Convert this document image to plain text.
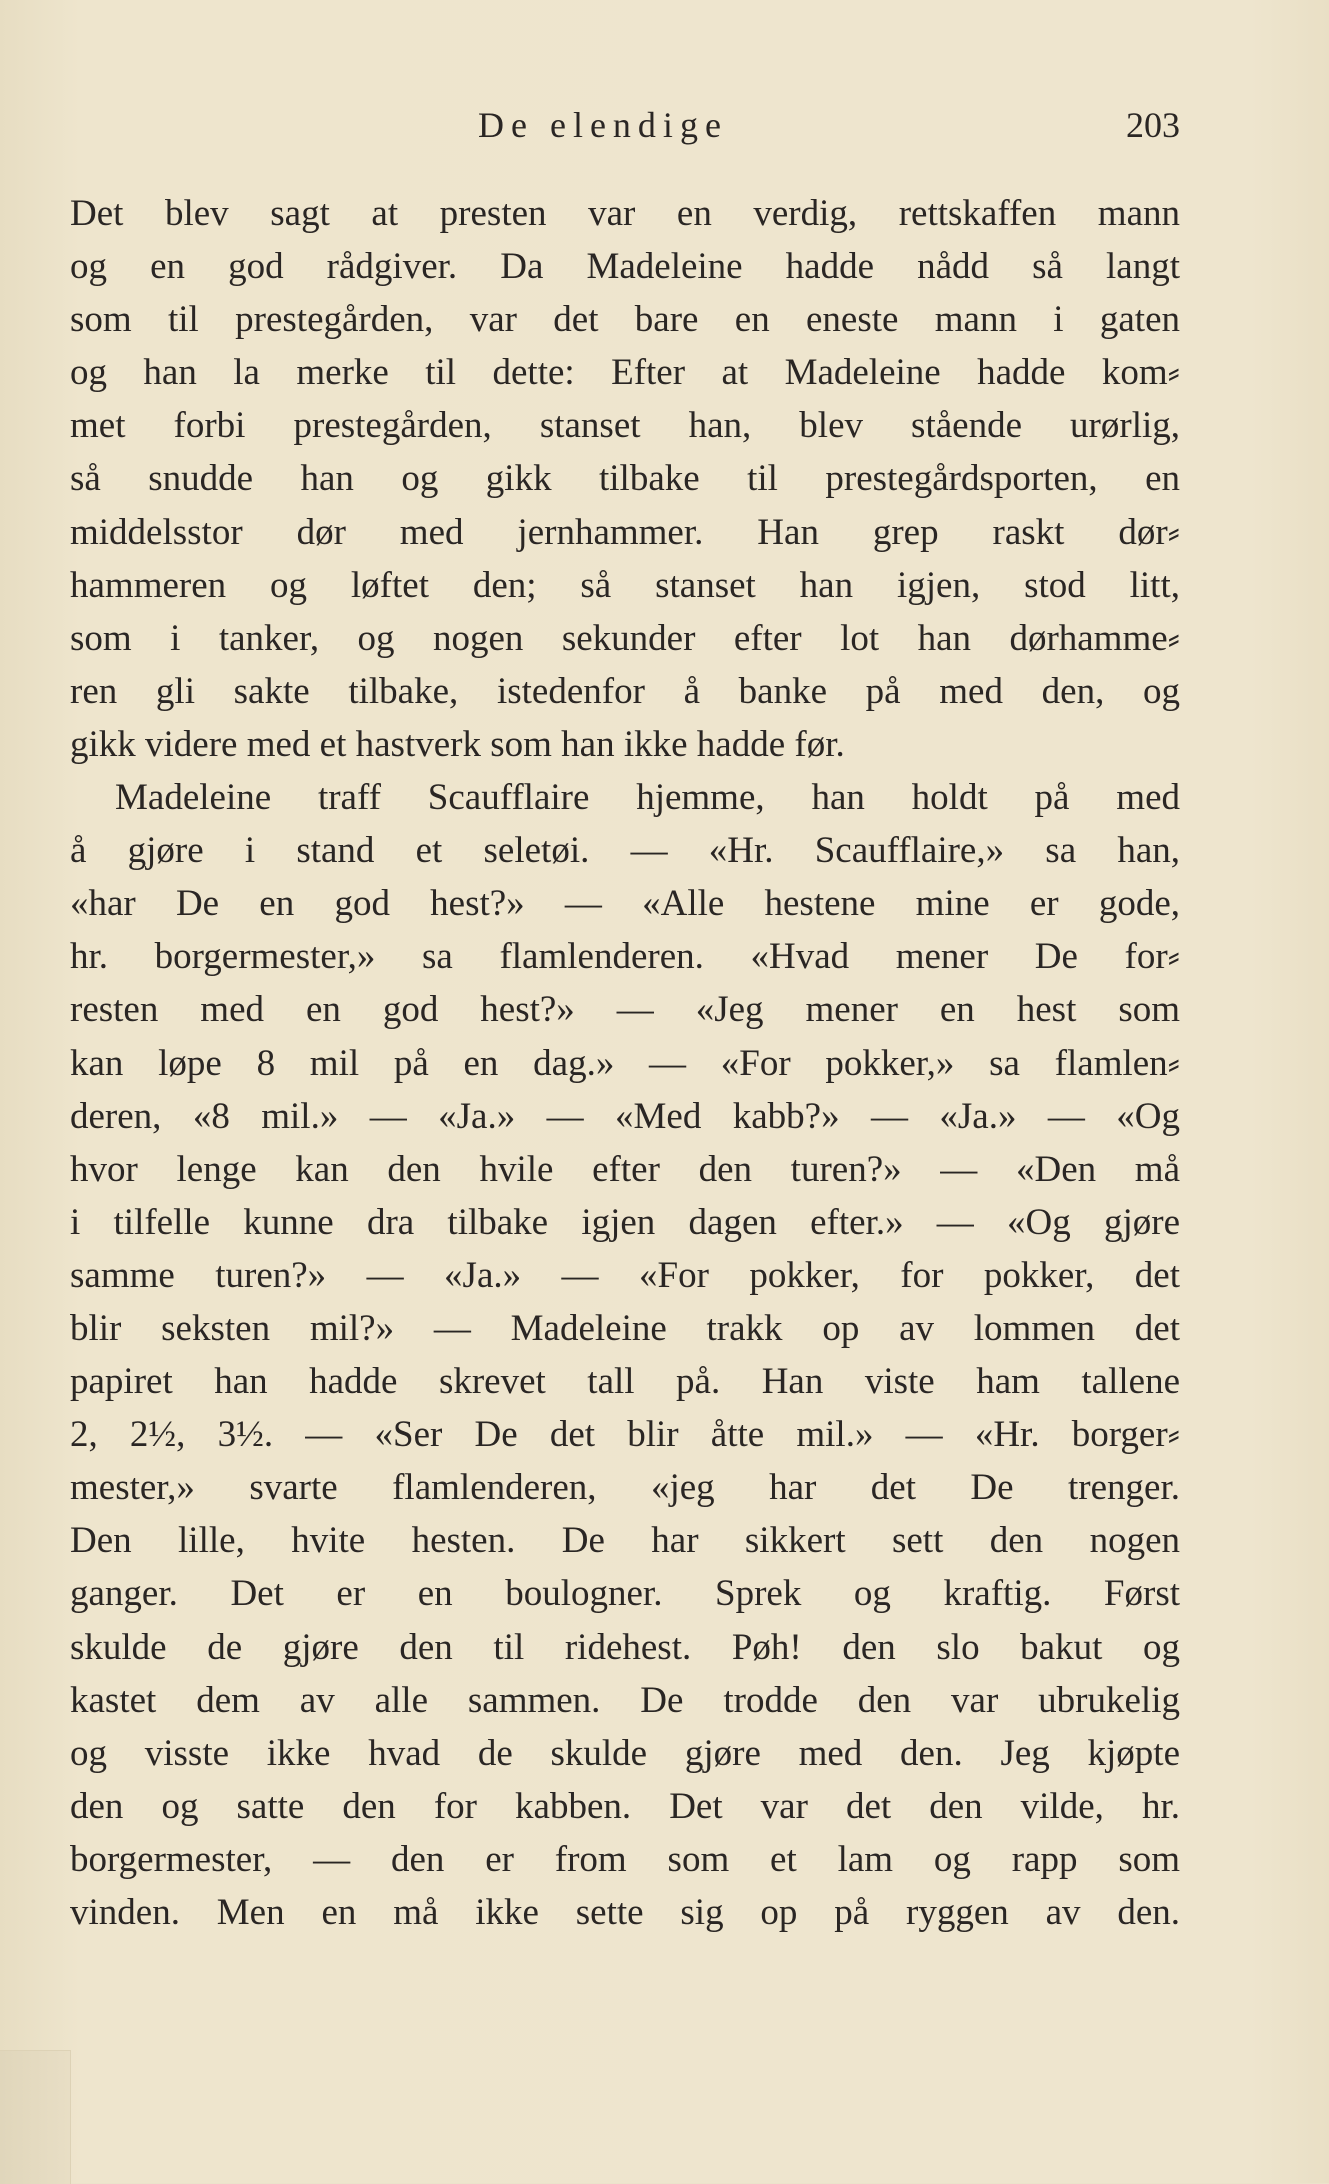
De elendige	203
Det blev sagt at presten var en verdig, rettskaffen mann
og en god rådgiver. Da Madeleine hadde nådd så langt
som til prestegården, var det bare en eneste mann i gaten
og han la merke til dette: Efter at Madeleine hadde kom⸗
met forbi prestegården, stanset han, blev stående urørlig,
så snudde han og gikk tilbake til prestegårdsporten, en
middelsstor dør med jernhammer. Han grep raskt dør⸗
hammeren og løftet den; så stanset han igjen, stod litt,
som i tanker, og nogen sekunder efter lot han dørhamme⸗
ren gli sakte tilbake, istedenfor å banke på med den, og
gikk videre med et hastverk som han ikke hadde før.
Madeleine traff Scaufflaire hjemme, han holdt på med
å gjøre i stand et seletøi. — «Hr. Scaufflaire,» sa han,
«har De en god hest?» — «Alle hestene mine er gode,
hr. borgermester,» sa flamlenderen. «Hvad mener De for⸗
resten med en god hest?» — «Jeg mener en hest som
kan løpe 8 mil på en dag.» — «For pokker,» sa flamlen⸗
deren, «8 mil.» — «Ja.» — «Med kabb?» — «Ja.» — «Og
hvor lenge kan den hvile efter den turen?» — «Den må
i tilfelle kunne dra tilbake igjen dagen efter.» — «Og gjøre
samme turen?» — «Ja.» — «For pokker, for pokker, det
blir seksten mil?» — Madeleine trakk op av lommen det
papiret han hadde skrevet tall på. Han viste ham tallene
2, 2½, 3½. — «Ser De det blir åtte mil.» — «Hr. borger⸗
mester,» svarte flamlenderen, «jeg har det De trenger.
Den lille, hvite hesten. De har sikkert sett den nogen
ganger. Det er en boulogner. Sprek og kraftig. Først
skulde de gjøre den til ridehest. Pøh! den slo bakut og
kastet dem av alle sammen. De trodde den var ubrukelig
og visste ikke hvad de skulde gjøre med den. Jeg kjøpte
den og satte den for kabben. Det var det den vilde, hr.
borgermester, — den er from som et lam og rapp som
vinden. Men en må ikke sette sig op på ryggen av den.
